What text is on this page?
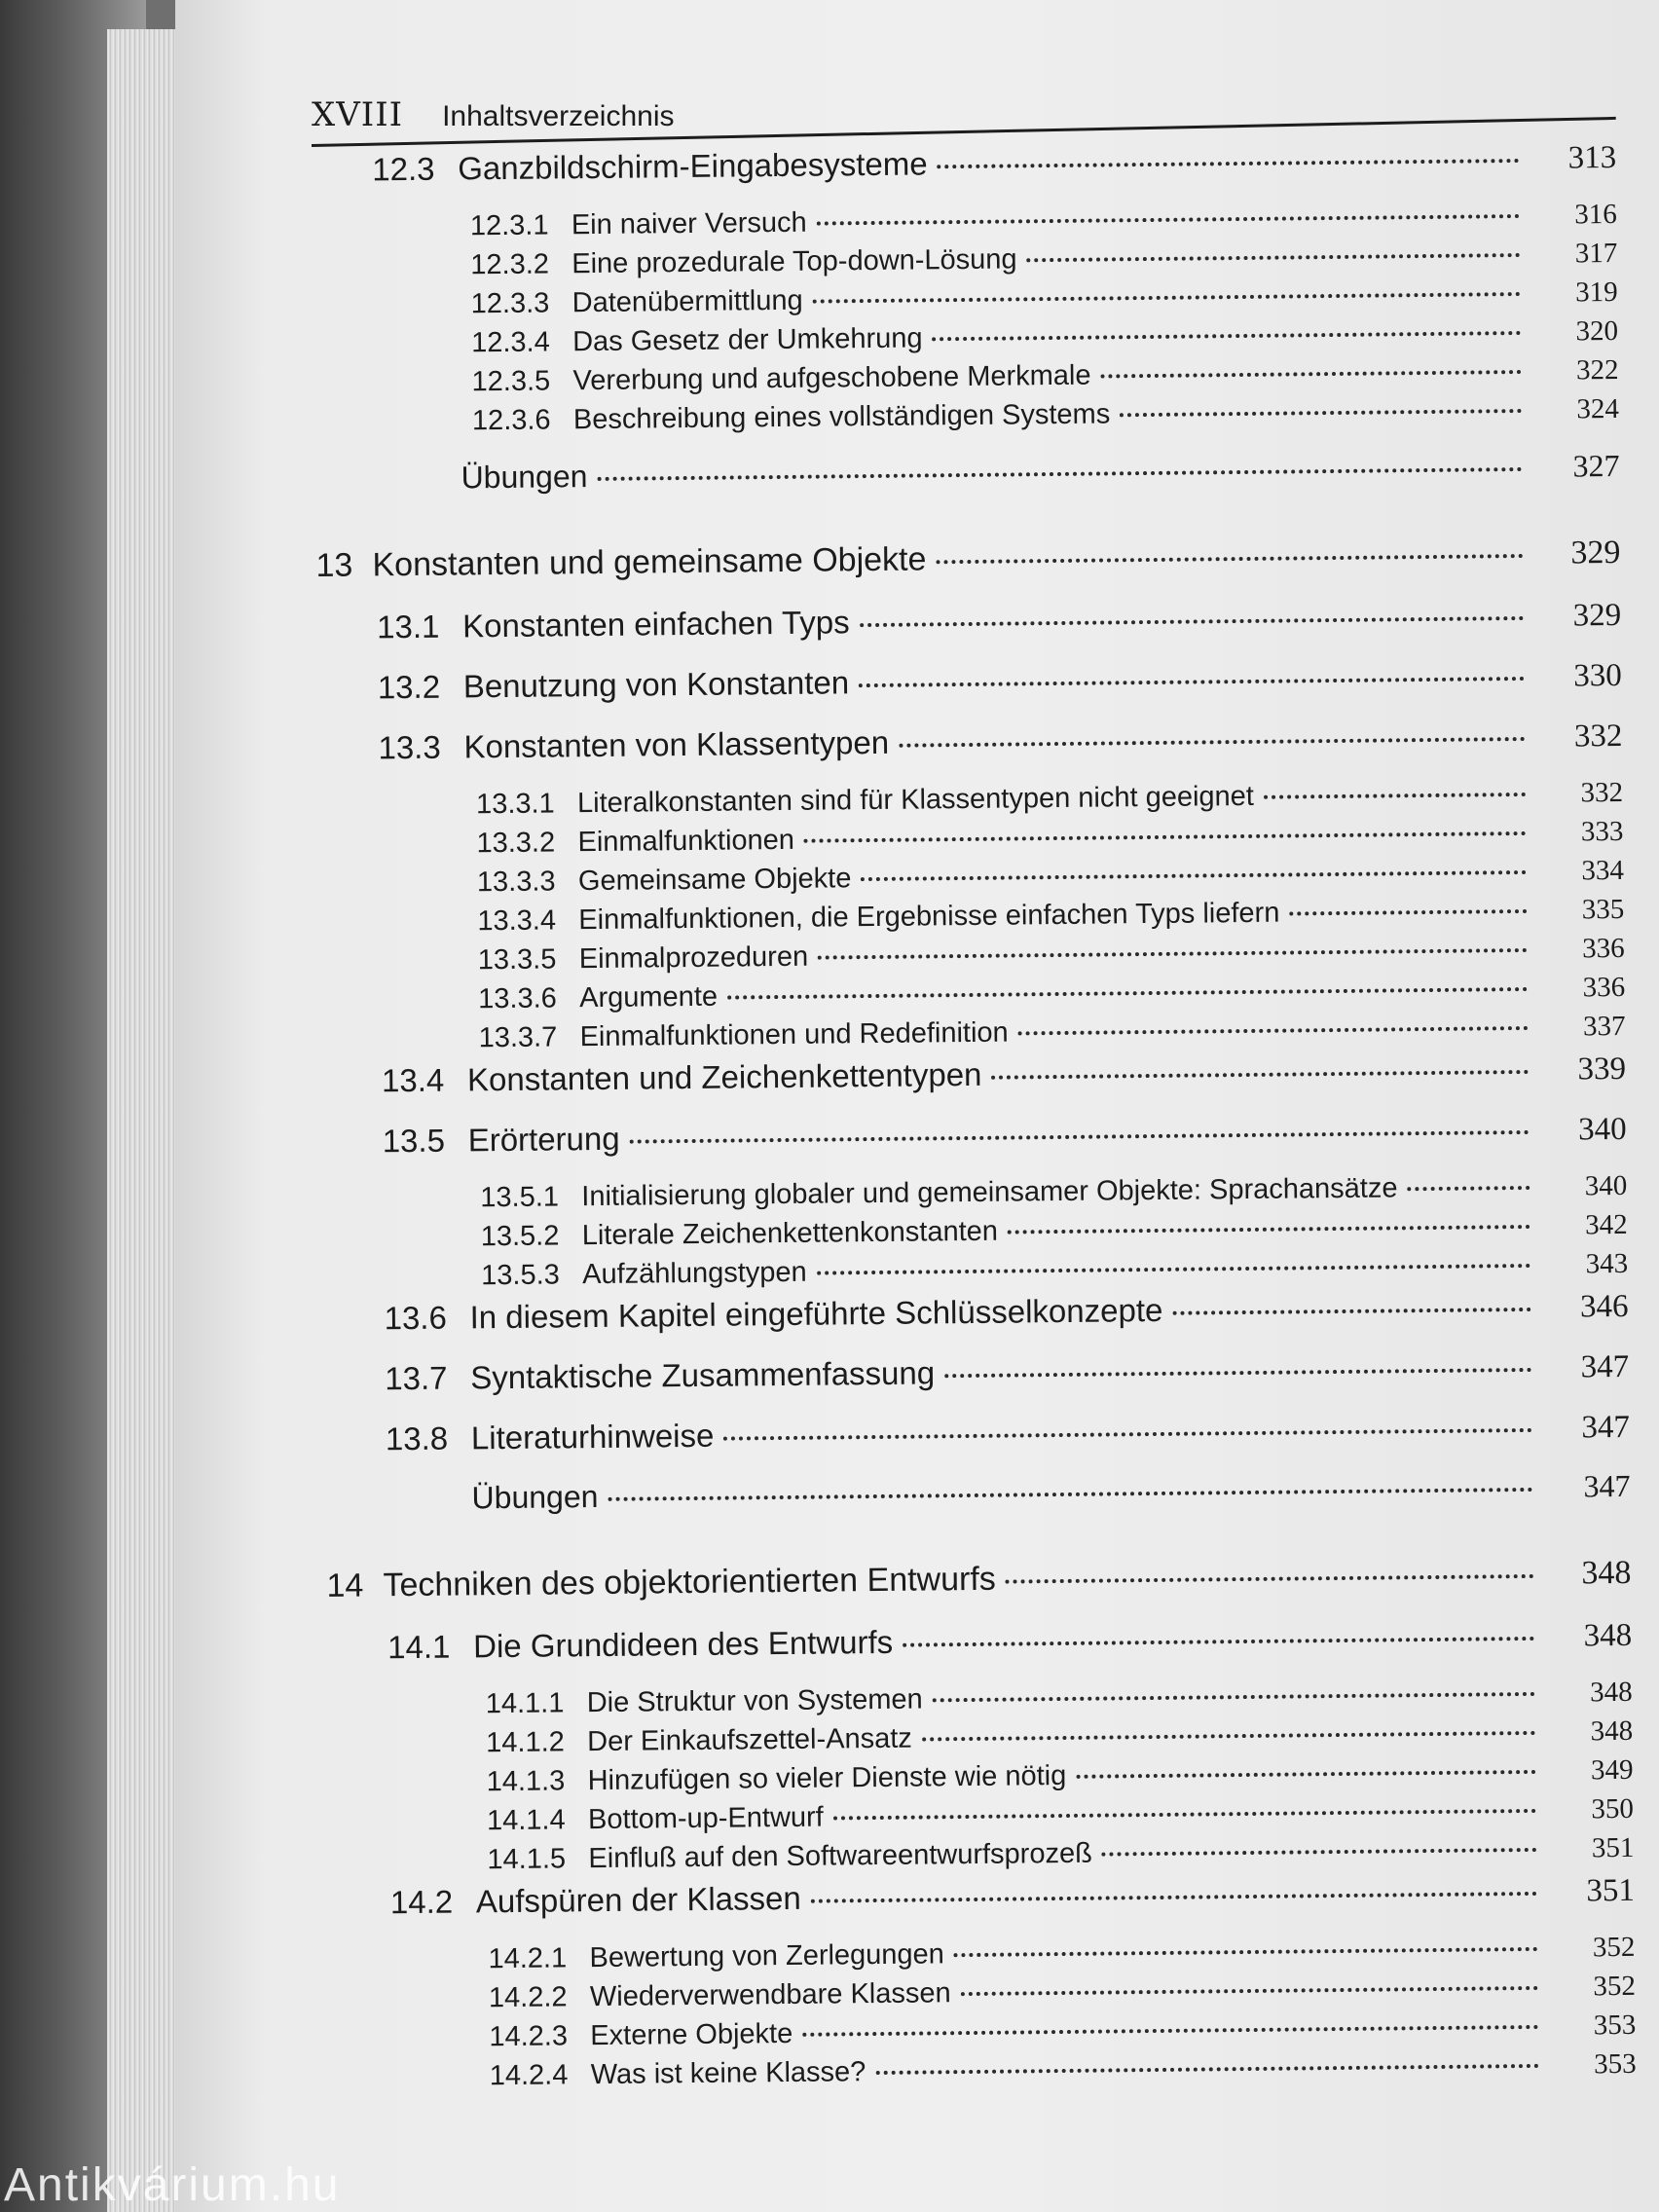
XVIII Inhaltsverzeichnis
12.3 Ganzbildschirm-Eingabesysteme	313
12.3.1 Ein naiver Versuch	316
12.3.2 Eine prozedurale Top-down-Lösung	317
12.3.3 Datenübermittlung	319
12.3.4 Das Gesetz der Umkehrung	320
12.3.5 Vererbung und aufgeschobene Merkmale	322
12.3.6 Beschreibung eines vollständigen Systems	324
Übungen	327
13 Konstanten und gemeinsame Objekte	329
13.1 Konstanten einfachen Typs	329
13.2 Benutzung von Konstanten	330
13.3 Konstanten von Klassentypen	332
13.3.1 Literalkonstanten sind für Klassentypen nicht geeignet	332
13.3.2 Einmalfunktionen	333
13.3.3 Gemeinsame Objekte	334
13.3.4 Einmalfunktionen, die Ergebnisse einfachen Typs liefern	335
13.3.5 Einmalprozeduren	336
13.3.6 Argumente	336
13.3.7 Einmalfunktionen und Redefinition	337
13.4 Konstanten und Zeichenkettentypen	339
13.5 Erörterung	340
13.5.1 Initialisierung globaler und gemeinsamer Objekte: Sprachansätze	340
13.5.2 Literale Zeichenkettenkonstanten	342
13.5.3 Aufzählungstypen	343
13.6 In diesem Kapitel eingeführte Schlüsselkonzepte	346
13.7 Syntaktische Zusammenfassung	347
13.8 Literaturhinweise	347
Übungen	347
14 Techniken des objektorientierten Entwurfs	348
14.1 Die Grundideen des Entwurfs	348
14.1.1 Die Struktur von Systemen	348
14.1.2 Der Einkaufszettel-Ansatz	348
14.1.3 Hinzufügen so vieler Dienste wie nötig	349
14.1.4 Bottom-up-Entwurf	350
14.1.5 Einfluß auf den Softwareentwurfsprozeß	351
14.2 Aufspüren der Klassen	351
14.2.1 Bewertung von Zerlegungen	352
14.2.2 Wiederverwendbare Klassen	352
14.2.3 Externe Objekte	353
14.2.4 Was ist keine Klasse?	353
Antikvárium.hu
